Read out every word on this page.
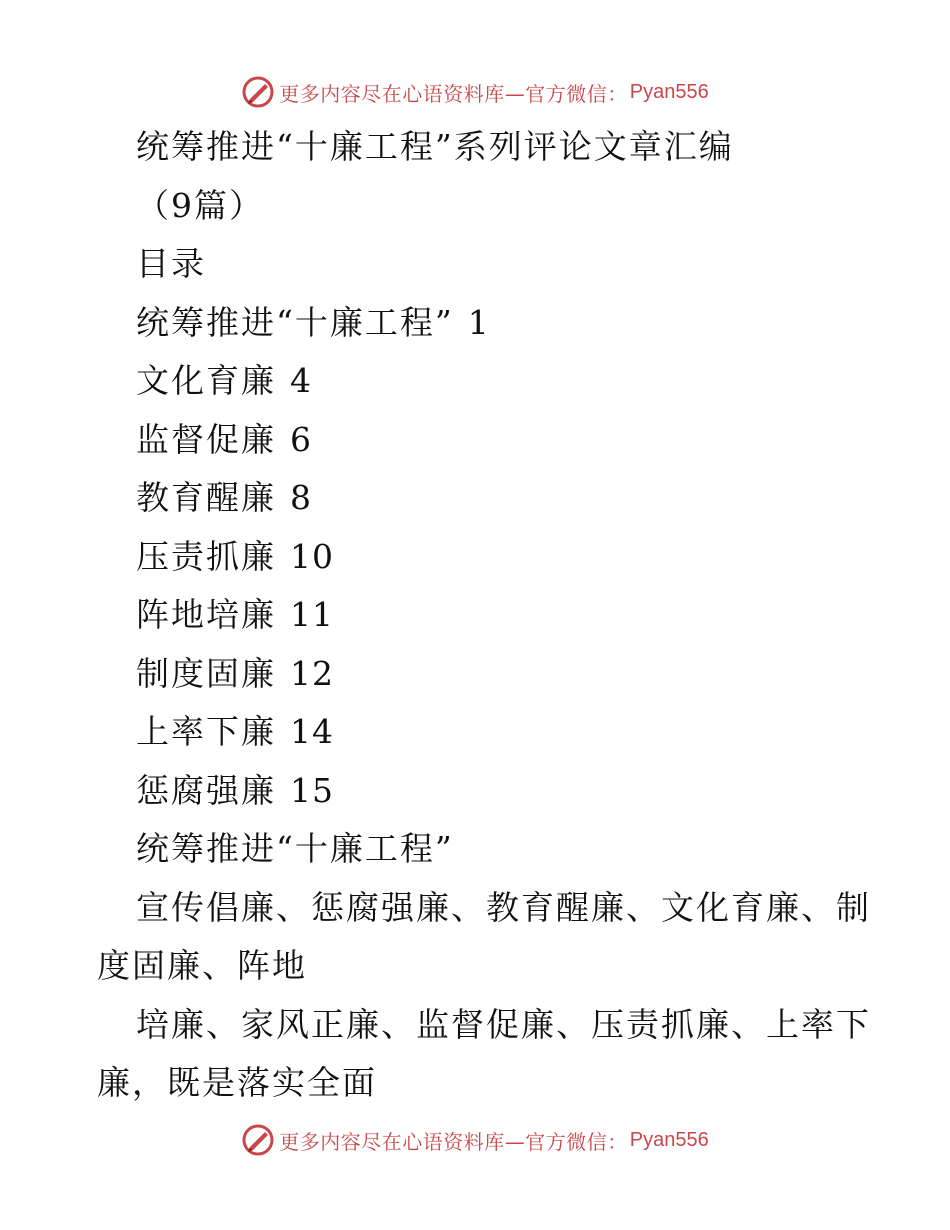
更多内容尽在心语资料库—官方微信： Pyan556
统筹推进“十廉工程”系列评论文章汇编
（9篇）
目录
统筹推进“十廉工程” 1
文化育廉 4
监督促廉 6
教育醒廉 8
压责抓廉 10
阵地培廉 11
制度固廉 12
上率下廉 14
惩腐强廉 15
统筹推进“十廉工程”
宣传倡廉、惩腐强廉、教育醒廉、文化育廉、制
度固廉、阵地
培廉、家风正廉、监督促廉、压责抓廉、上率下
廉，既是落实全面
更多内容尽在心语资料库—官方微信： Pyan556
